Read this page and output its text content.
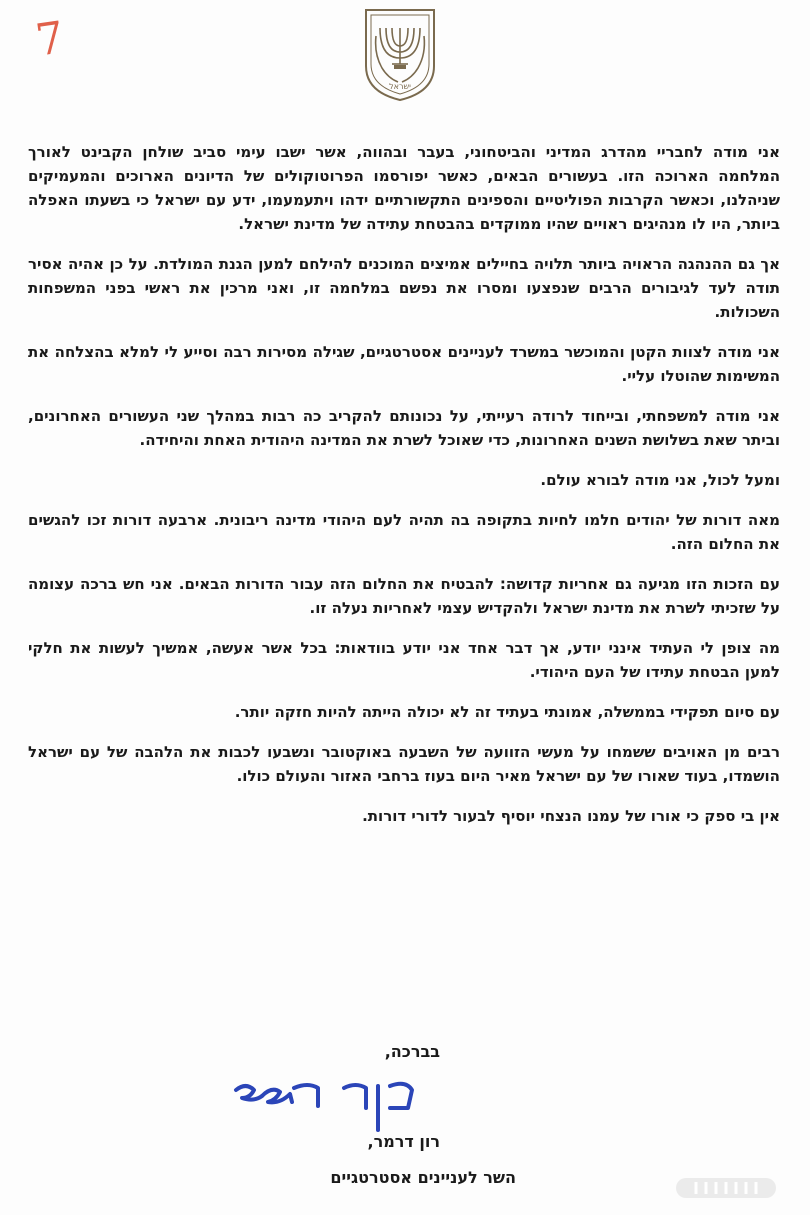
7
ישראל

אני מודה לחבריי מהדרג המדיני והביטחוני, בעבר ובהווה, אשר ישבו עימי סביב שולחן הקבינט לאורך המלחמה הארוכה הזו. בעשורים הבאים, כאשר יפורסמו הפרוטוקולים של הדיונים הארוכים והמעמיקים שניהלנו, וכאשר הקרבות הפוליטיים והספינים התקשורתיים ידהו ויתעמעמו, ידע עם ישראל כי בשעתו האפלה ביותר, היו לו מנהיגים ראויים שהיו ממוקדים בהבטחת עתידה של מדינת ישראל.

אך גם ההנהגה הראויה ביותר תלויה בחיילים אמיצים המוכנים להילחם למען הגנת המולדת. על כן אהיה אסיר תודה לעד לגיבורים הרבים שנפצעו ומסרו את נפשם במלחמה זו, ואני מרכין את ראשי בפני המשפחות השכולות.

אני מודה לצוות הקטן והמוכשר במשרד לעניינים אסטרטגיים, שגילה מסירות רבה וסייע לי למלא בהצלחה את המשימות שהוטלו עליי.

אני מודה למשפחתי, ובייחוד לרודה רעייתי, על נכונותם להקריב כה רבות במהלך שני העשורים האחרונים, וביתר שאת בשלושת השנים האחרונות, כדי שאוכל לשרת את המדינה היהודית האחת והיחידה.

ומעל לכול, אני מודה לבורא עולם.

מאה דורות של יהודים חלמו לחיות בתקופה בה תהיה לעם היהודי מדינה ריבונית. ארבעה דורות זכו להגשים את החלום הזה.

עם הזכות הזו מגיעה גם אחריות קדושה: להבטיח את החלום הזה עבור הדורות הבאים. אני חש ברכה עצומה על שזכיתי לשרת את מדינת ישראל ולהקדיש עצמי לאחריות נעלה זו.

מה צופן לי העתיד אינני יודע, אך דבר אחד אני יודע בוודאות: בכל אשר אעשה, אמשיך לעשות את חלקי למען הבטחת עתידו של העם היהודי.

עם סיום תפקידי בממשלה, אמונתי בעתיד זה לא יכולה הייתה להיות חזקה יותר.

רבים מן האויבים ששמחו על מעשי הזוועה של השבעה באוקטובר ונשבעו לכבות את הלהבה של עם ישראל הושמדו, בעוד שאורו של עם ישראל מאיר היום בעוז ברחבי האזור והעולם כולו.

אין בי ספק כי אורו של עמנו הנצחי יוסיף לבעור לדורי דורות.

בברכה,
רון דרמר,
השר לעניינים אסטרטגיים
